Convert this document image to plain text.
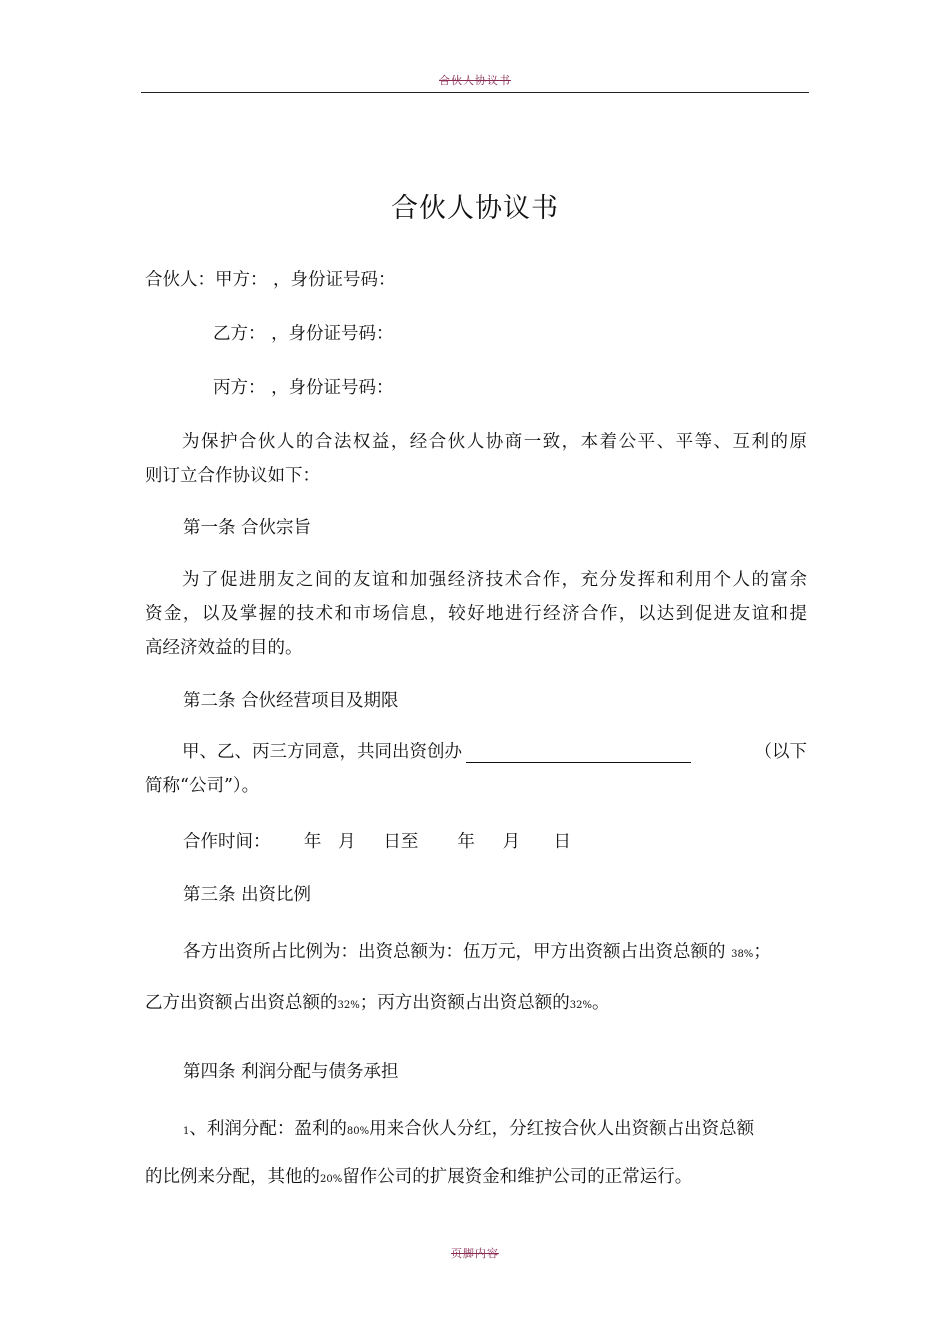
合伙人协议书
合伙人协议书
合伙人：甲方： ，身份证号码：
乙方： ，身份证号码：
丙方： ，身份证号码：
为保护合伙人的合法权益，经合伙人协商一致，本着公平、平等、互利的原
则订立合作协议如下：
第一条 合伙宗旨
为了促进朋友之间的友谊和加强经济技术合作，充分发挥和利用个人的富余
资金，以及掌握的技术和市场信息，较好地进行经济合作，以达到促进友谊和提
高经济效益的目的。
第二条 合伙经营项目及期限
甲、乙、丙三方同意，共同出资创办	（以下
简称“公司”）。
合作时间：      年   月     日至       年     月      日
第三条 出资比例
各方出资所占比例为：出资总额为：伍万元，甲方出资额占出资总额的 38%；
乙方出资额占出资总额的32%；丙方出资额占出资总额的32%。
第四条 利润分配与债务承担
1、利润分配：盈利的80%用来合伙人分红，分红按合伙人出资额占出资总额
的比例来分配，其他的20%留作公司的扩展资金和维护公司的正常运行。
页脚内容
